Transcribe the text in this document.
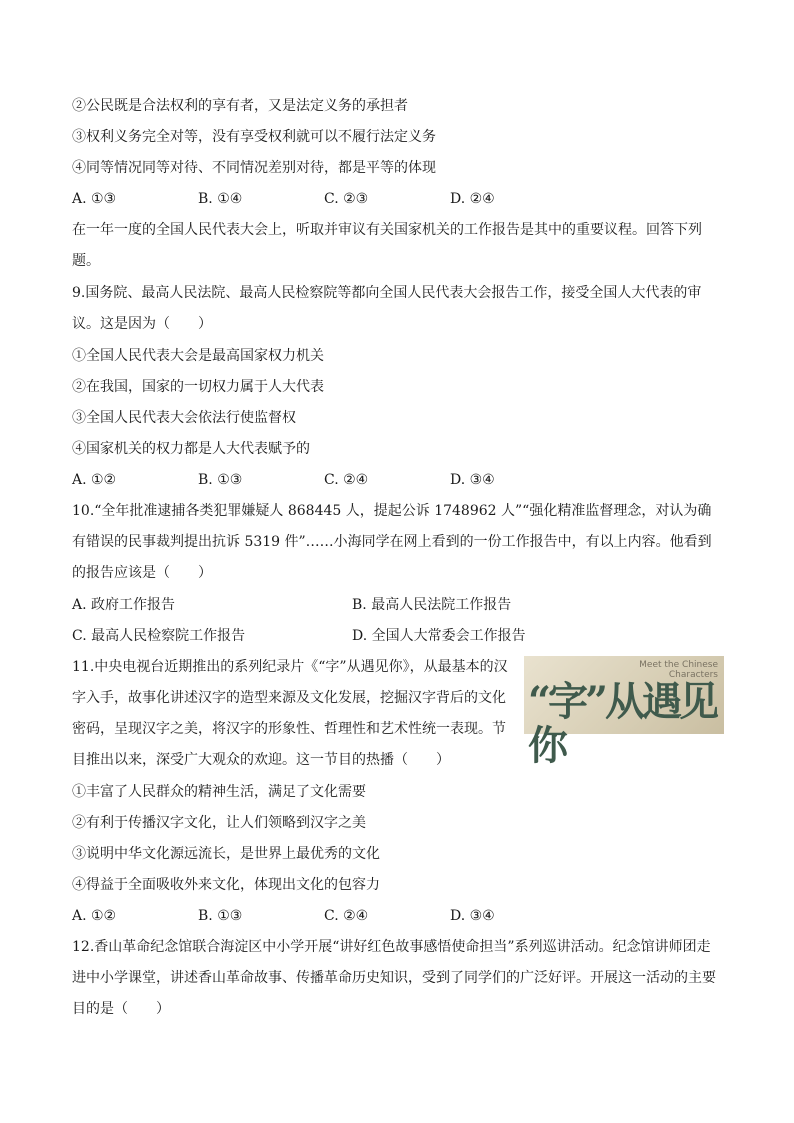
②公民既是合法权利的享有者，又是法定义务的承担者
③权利义务完全对等，没有享受权利就可以不履行法定义务
④同等情况同等对待、不同情况差别对待，都是平等的体现
A. ①③	B. ①④	C. ②③	D. ②④
在一年一度的全国人民代表大会上，听取并审议有关国家机关的工作报告是其中的重要议程。回答下列题。
9.国务院、最高人民法院、最高人民检察院等都向全国人民代表大会报告工作，接受全国人大代表的审议。这是因为（　　）
①全国人民代表大会是最高国家权力机关
②在我国，国家的一切权力属于人大代表
③全国人民代表大会依法行使监督权
④国家机关的权力都是人大代表赋予的
A. ①②	B. ①③	C. ②④	D. ③④
10.“全年批准逮捕各类犯罪嫌疑人 868445 人，提起公诉 1748962 人”“强化精准监督理念，对认为确有错误的民事裁判提出抗诉 5319 件”……小海同学在网上看到的一份工作报告中，有以上内容。他看到的报告应该是（　　）
A. 政府工作报告	B. 最高人民法院工作报告
C. 最高人民检察院工作报告	D. 全国人大常委会工作报告
11.中央电视台近期推出的系列纪录片《“字”从遇见你》，从最基本的汉字入手，故事化讲述汉字的造型来源及文化发展，挖掘汉字背后的文化密码，呈现汉字之美，将汉字的形象性、哲理性和艺术性统一表现。节目推出以来，深受广大观众的欢迎。这一节目的热播（　　）
Meet the Chinese Characters
“字”从遇见你
①丰富了人民群众的精神生活，满足了文化需要
②有利于传播汉字文化，让人们领略到汉字之美
③说明中华文化源远流长，是世界上最优秀的文化
④得益于全面吸收外来文化，体现出文化的包容力
A. ①②	B. ①③	C. ②④	D. ③④
12.香山革命纪念馆联合海淀区中小学开展“讲好红色故事感悟使命担当”系列巡讲活动。纪念馆讲师团走进中小学课堂，讲述香山革命故事、传播革命历史知识，受到了同学们的广泛好评。开展这一活动的主要目的是（　　）
